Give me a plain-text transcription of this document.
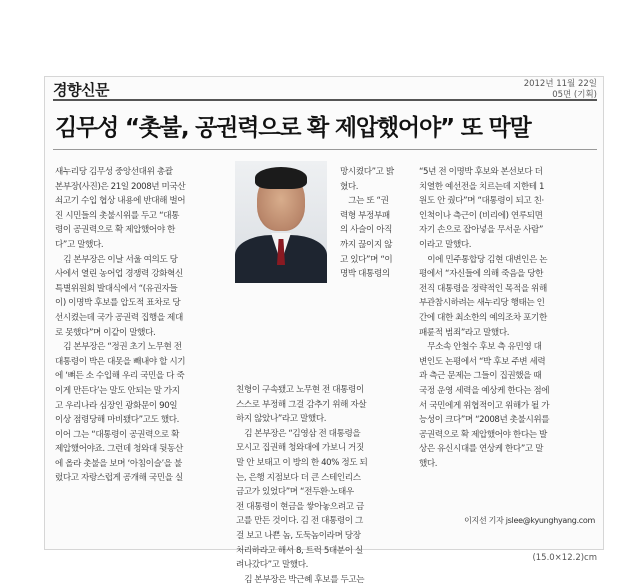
경향신문	2012년 11월 22일
05면 (기획)
김무성 “촛불, 공권력으로 확 제압했어야” 또 막말

새누리당 김무성 중앙선대위 총괄
본부장(사진)은 21일 2008년 미국산
쇠고기 수입 협상 내용에 반대해 벌어
진 시민들의 촛불시위를 두고 “대통
령이 공권력으로 확 제압했어야 한
다”고 말했다.
　김 본부장은 이날 서울 여의도 당
사에서 열린 농어업 경쟁력 강화혁신
특별위원회 발대식에서 “(유권자들
이) 이명박 후보를 압도적 표차로 당
선시켰는데 국가 공권력 집행을 제대
로 못했다”며 이같이 말했다.
　김 본부장은 “정권 초기 노무현 전
대통령이 박은 대못을 빼내야 할 시기
에 ‘뼈든 소 수입해 우리 국민을 다 죽
이게 만든다’는 말도 안되는 말 가지
고 우리나라 심장인 광화문이 90일
이상 점령당해 마비됐다”고도 했다.
이어 그는 “대통령이 공권력으로 확
제압했어야죠. 그런데 청와대 뒷동산
에 올라 촛불을 보며 ‘아침이슬’을 불
렀다고 자랑스럽게 공개해 국민을 실

망시켰다”고 밝
혔다.
　그는 또 “권
력형 부정부패
의 사슬이 아직
까지 끊이지 않
고 있다”며 “이
명박 대통령의

친형이 구속됐고 노무현 전 대통령이
스스로 부정해 그걸 감추기 위해 자살
하지 않았나”라고 말했다.
　김 본부장은 “김영삼 전 대통령을
모시고 집권해 청와대에 가보니 거짓
말 안 보태고 이 방의 한 40% 정도 되
는, 은행 지점보다 더 큰 스테인리스
금고가 있었다”며 “전두환·노태우
전 대통령이 현금을 쌓아놓으려고 금
고를 만든 것이다. 김 전 대통령이 그
걸 보고 나쁜 놈, 도둑놈이라며 당장
처리하라고 해서 8, 트럭 5대분이 실
려나갔다”고 말했다.
　김 본부장은 박근혜 후보를 두고는

“5년 전 이명박 후보와 본선보다 더
치열한 예선전을 치르는데 지한테 1
원도 안 줬다”며 “대통령이 되고 친·
인척이나 측근이 (비리에) 연루되면
자기 손으로 잡아넣을 무서운 사람”
이라고 말했다.
　이에 민주통합당 김현 대변인은 논
평에서 “자신들에 의해 죽음을 당한
전직 대통령을 정략적인 목적을 위해
부관참시하려는 새누리당 행태는 인
간에 대한 최소한의 예의조차 포기한
패륜적 범죄”라고 말했다.
　무소속 안철수 후보 측 유민영 대
변인도 논평에서 “박 후보 주변 세력
과 측근 문제는 그들이 집권했을 때
국정 운영 세력을 예상케 한다는 점에
서 국민에게 위협적이고 위해가 될 가
능성이 크다”며 “2008년 촛불시위를
공권력으로 확 제압했어야 한다는 발
상은 유신시대를 연상케 한다”고 말
했다.

이지선 기자 jslee@kyunghyang.com
(15.0×12.2)cm
